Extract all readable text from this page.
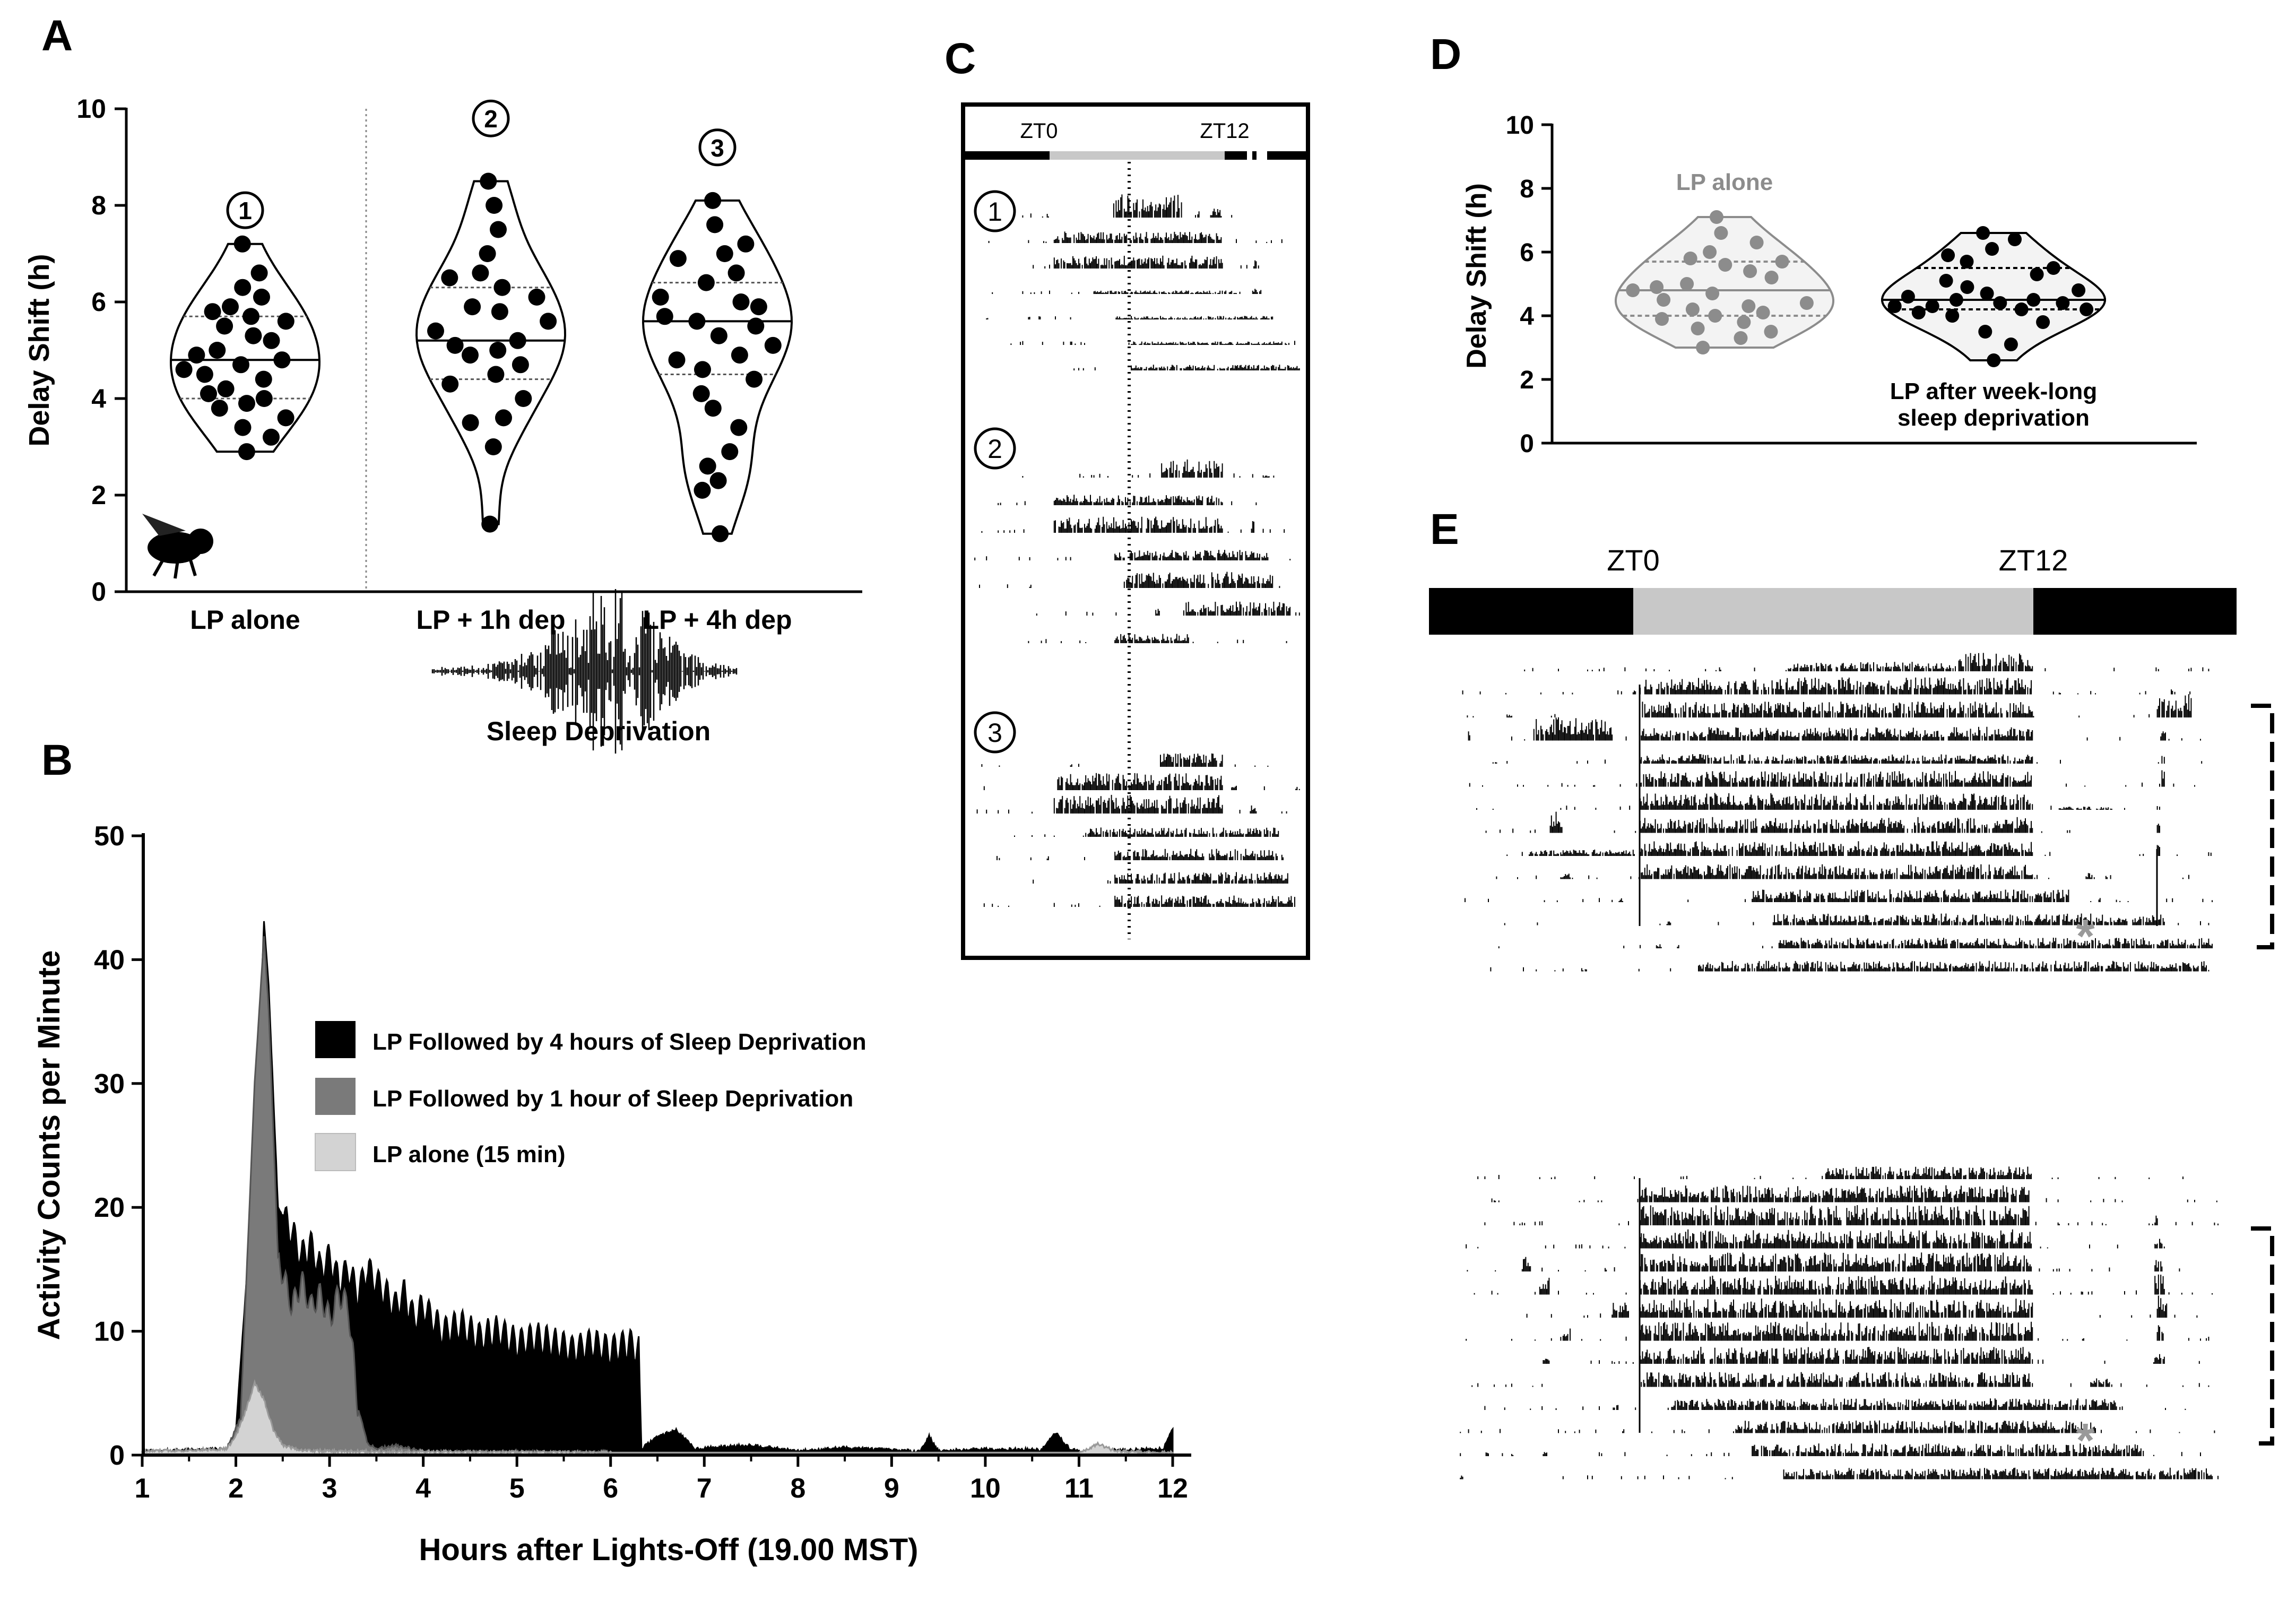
A
B
C	D
E
0
2
4
6
8
10
Delay Shift (h)
1
LP alone
2
LP + 1h dep
3
LP + 4h dep
Sleep Deprivation
0
10
20
30
40
50
1	2	3	4	5	6	7	8	9	10 11 12
Activity Counts per Minute
Hours after Lights-Off (19.00 MST)
LP Followed by 4 hours of Sleep Deprivation
LP Followed by 1 hour of Sleep Deprivation
LP alone (15 min)
ZT0	ZT12
1
2
3
0
2
4
6
8
10
Delay Shift (h)
LP alone
LP after week-long sleep deprivation
ZT0	ZT12
*
*
